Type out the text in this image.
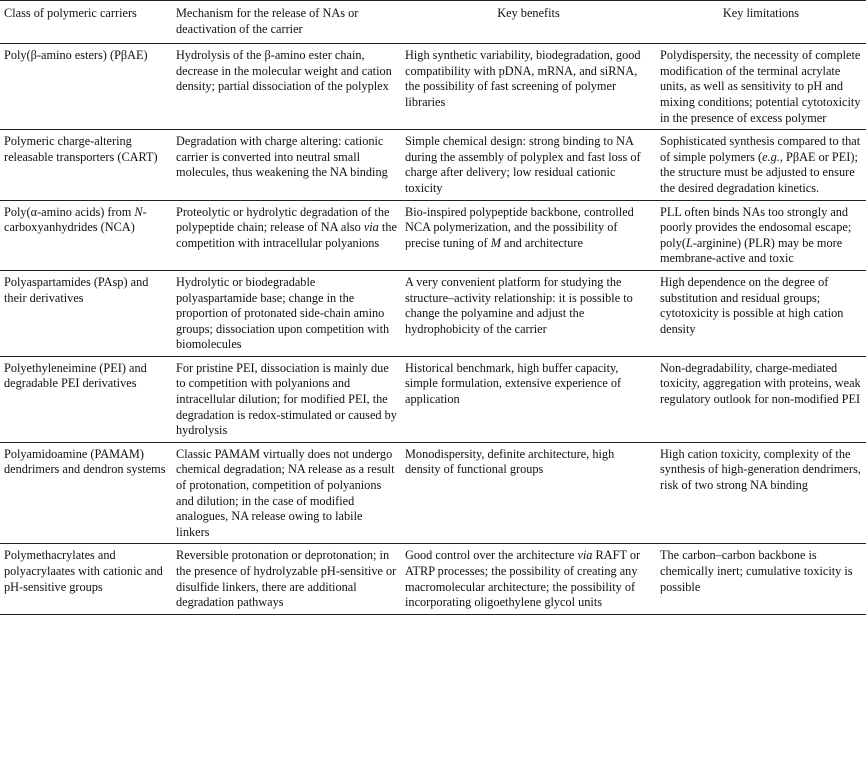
Class of polymeric carriers	Mechanism for the release of NAs or deactivation of the carrier	Key benefits	Key limitations
Poly(β-amino esters) (PβAE)	Hydrolysis of the β-amino ester chain, decrease in the molecular weight and cation density; partial dissociation of the polyplex	High synthetic variability, biodegradation, good compatibility with pDNA, mRNA, and siRNA, the possibility of fast screening of polymer libraries	Polydispersity, the necessity of complete modification of the terminal acrylate units, as well as sensitivity to pH and mixing conditions; potential cytotoxicity in the presence of excess polymer
Polymeric charge-altering releasable transporters (CART)	Degradation with charge altering: cationic carrier is converted into neutral small molecules, thus weakening the NA binding	Simple chemical design: strong binding to NA during the assembly of polyplex and fast loss of charge after delivery; low residual cationic toxicity	Sophisticated synthesis compared to that of simple polymers (e.g., PβAE or PEI); the structure must be adjusted to ensure the desired degradation kinetics.
Poly(α-amino acids) from N-carboxyanhydrides (NCA)	Proteolytic or hydrolytic degradation of the polypeptide chain; release of NA also via the competition with intracellular polyanions	Bio-inspired polypeptide backbone, controlled NCA polymerization, and the possibility of precise tuning of M and architecture	PLL often binds NAs too strongly and poorly provides the endosomal escape; poly(L-arginine) (PLR) may be more membrane-active and toxic
Polyaspartamides (PAsp) and their derivatives	Hydrolytic or biodegradable polyaspartamide base; change in the proportion of protonated side-chain amino groups; dissociation upon competition with biomolecules	A very convenient platform for studying the structure–activity relationship: it is possible to change the polyamine and adjust the hydrophobicity of the carrier	High dependence on the degree of substitution and residual groups; cytotoxicity is possible at high cation density
Polyethyleneimine (PEI) and degradable PEI derivatives	For pristine PEI, dissociation is mainly due to competition with polyanions and intracellular dilution; for modified PEI, the degradation is redox-stimulated or caused by hydrolysis	Historical benchmark, high buffer capacity, simple formulation, extensive experience of application	Non-degradability, charge-mediated toxicity, aggregation with proteins, weak regulatory outlook for non-modified PEI
Polyamidoamine (PAMAM) dendrimers and dendron systems	Classic PAMAM virtually does not undergo chemical degradation; NA release as a result of protonation, competition of polyanions and dilution; in the case of modified analogues, NA release owing to labile linkers	Monodispersity, definite architecture, high density of functional groups	High cation toxicity, complexity of the synthesis of high-generation dendrimers, risk of two strong NA binding
Polymethacrylates and polyacrylaates with cationic and pH-sensitive groups	Reversible protonation or deprotonation; in the presence of hydrolyzable pH-sensitive or disulfide linkers, there are additional degradation pathways	Good control over the architecture via RAFT or ATRP processes; the possibility of creating any macromolecular architecture; the possibility of incorporating oligoethylene glycol units	The carbon–carbon backbone is chemically inert; cumulative toxicity is possible
